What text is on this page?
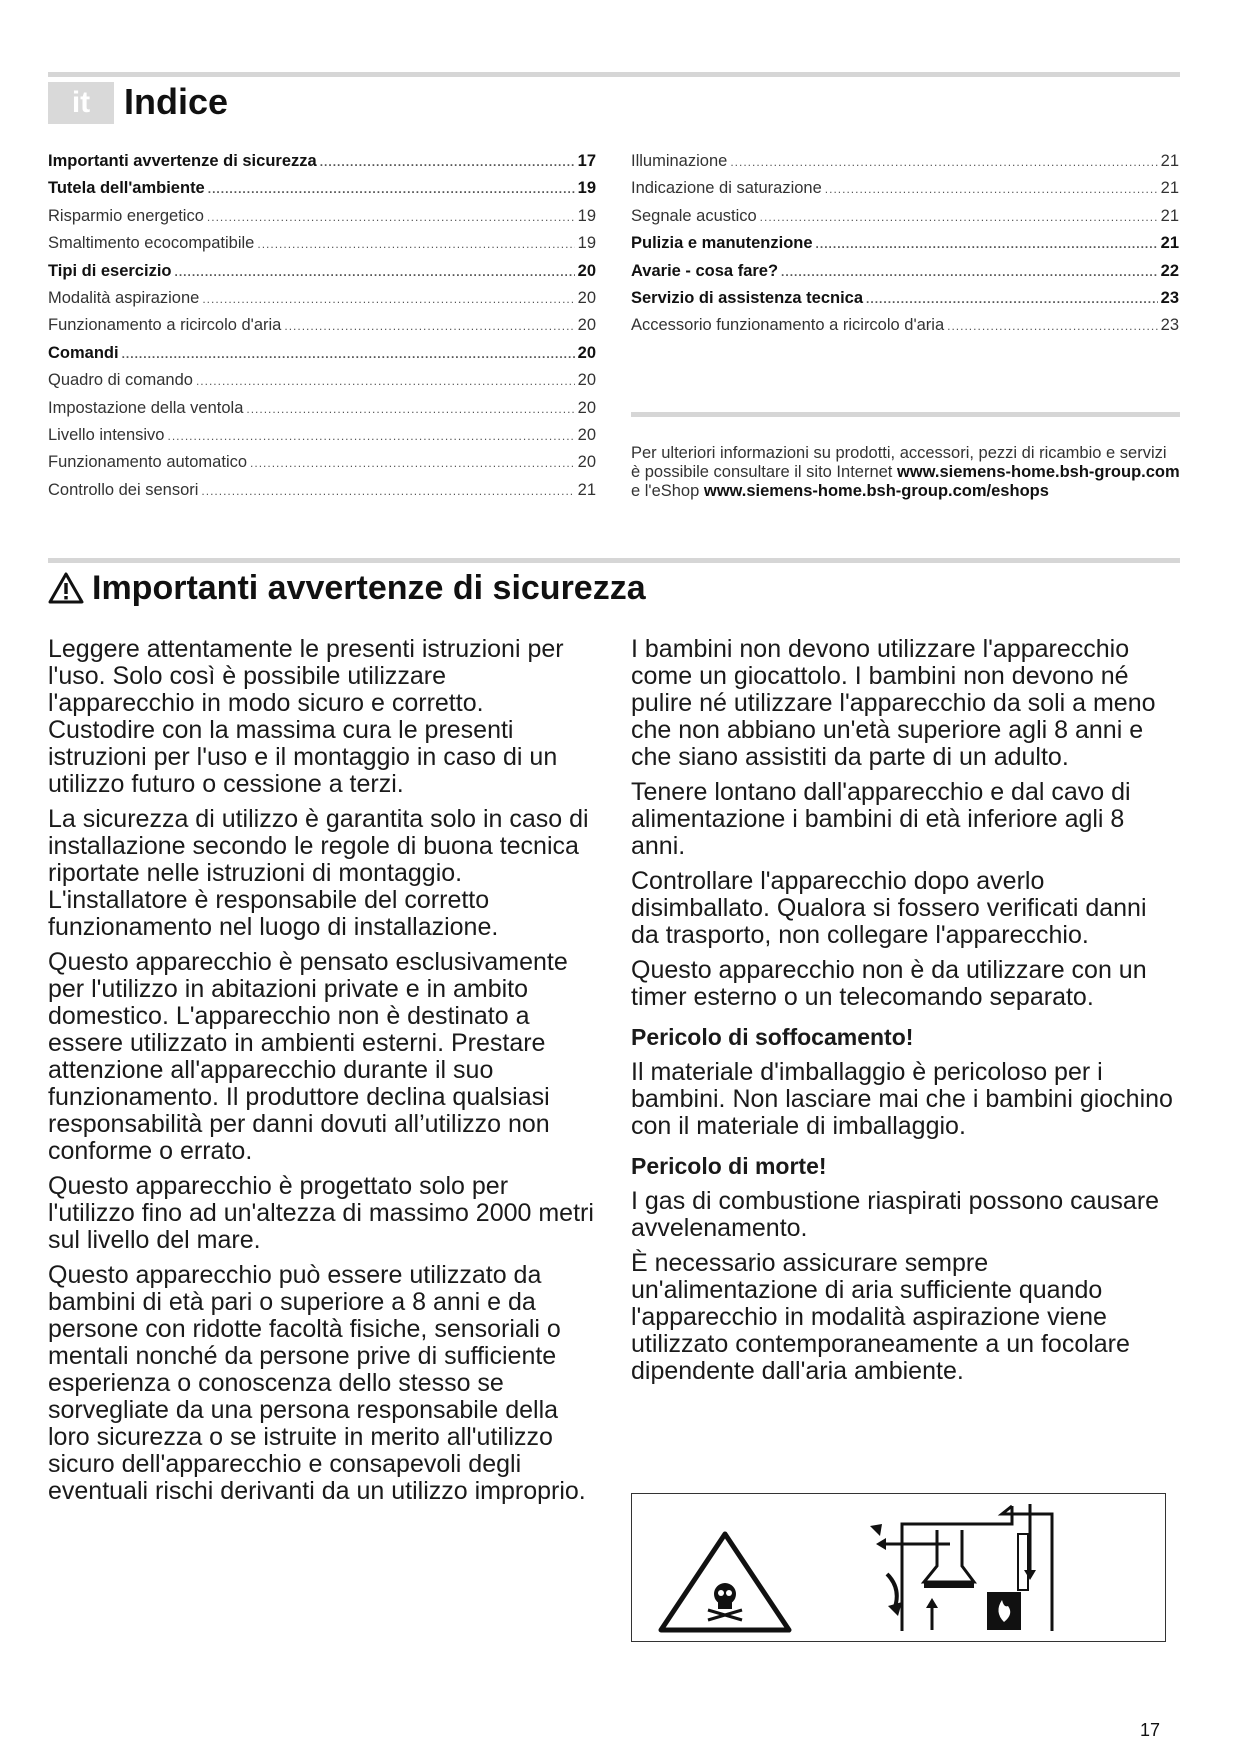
it Indice
Importanti avvertenze di sicurezza .....	17
Tutela dell'ambiente .....	19
Risparmio energetico .....	19
Smaltimento ecocompatibile .....	19
Tipi di esercizio .....	20
Modalità aspirazione .....	20
Funzionamento a ricircolo d'aria .....	20
Comandi .....	20
Quadro di comando .....	20
Impostazione della ventola .....	20
Livello intensivo .....	20
Funzionamento automatico .....	20
Controllo dei sensori .....	21
Illuminazione .....	21
Indicazione di saturazione .....	21
Segnale acustico .....	21
Pulizia e manutenzione .....	21
Avarie - cosa fare? .....	22
Servizio di assistenza tecnica .....	23
Accessorio funzionamento a ricircolo d'aria .....	23
Per ulteriori informazioni su prodotti, accessori, pezzi di ricambio e servizi è possibile consultare il sito Internet www.siemens-home.bsh-group.com e l'eShop www.siemens-home.bsh-group.com/eshops
Importanti avvertenze di sicurezza

Leggere attentamente le presenti istruzioni per l'uso. Solo così è possibile utilizzare l'apparecchio in modo sicuro e corretto. Custodire con la massima cura le presenti istruzioni per l'uso e il montaggio in caso di un utilizzo futuro o cessione a terzi.

La sicurezza di utilizzo è garantita solo in caso di installazione secondo le regole di buona tecnica riportate nelle istruzioni di montaggio. L'installatore è responsabile del corretto funzionamento nel luogo di installazione.

Questo apparecchio è pensato esclusivamente per l'utilizzo in abitazioni private e in ambito domestico. L'apparecchio non è destinato a essere utilizzato in ambienti esterni. Prestare attenzione all'apparecchio durante il suo funzionamento. Il produttore declina qualsiasi responsabilità per danni dovuti all’utilizzo non conforme o errato.

Questo apparecchio è progettato solo per l'utilizzo fino ad un'altezza di massimo 2000 metri sul livello del mare.

Questo apparecchio può essere utilizzato da bambini di età pari o superiore a 8 anni e da persone con ridotte facoltà fisiche, sensoriali o mentali nonché da persone prive di sufficiente esperienza o conoscenza dello stesso se sorvegliate da una persona responsabile della loro sicurezza o se istruite in merito all'utilizzo sicuro dell'apparecchio e consapevoli degli eventuali rischi derivanti da un utilizzo improprio.

I bambini non devono utilizzare l'apparecchio come un giocattolo. I bambini non devono né pulire né utilizzare l'apparecchio da soli a meno che non abbiano un'età superiore agli 8 anni e che siano assistiti da parte di un adulto.

Tenere lontano dall'apparecchio e dal cavo di alimentazione i bambini di età inferiore agli 8 anni.

Controllare l'apparecchio dopo averlo disimballato. Qualora si fossero verificati danni da trasporto, non collegare l'apparecchio.

Questo apparecchio non è da utilizzare con un timer esterno o un telecomando separato.

Pericolo di soffocamento!

Il materiale d'imballaggio è pericoloso per i bambini. Non lasciare mai che i bambini giochino con il materiale di imballaggio.

Pericolo di morte!

I gas di combustione riaspirati possono causare avvelenamento.

È necessario assicurare sempre un'alimentazione di aria sufficiente quando l'apparecchio in modalità aspirazione viene utilizzato contemporaneamente a un focolare dipendente dall'aria ambiente.

17
